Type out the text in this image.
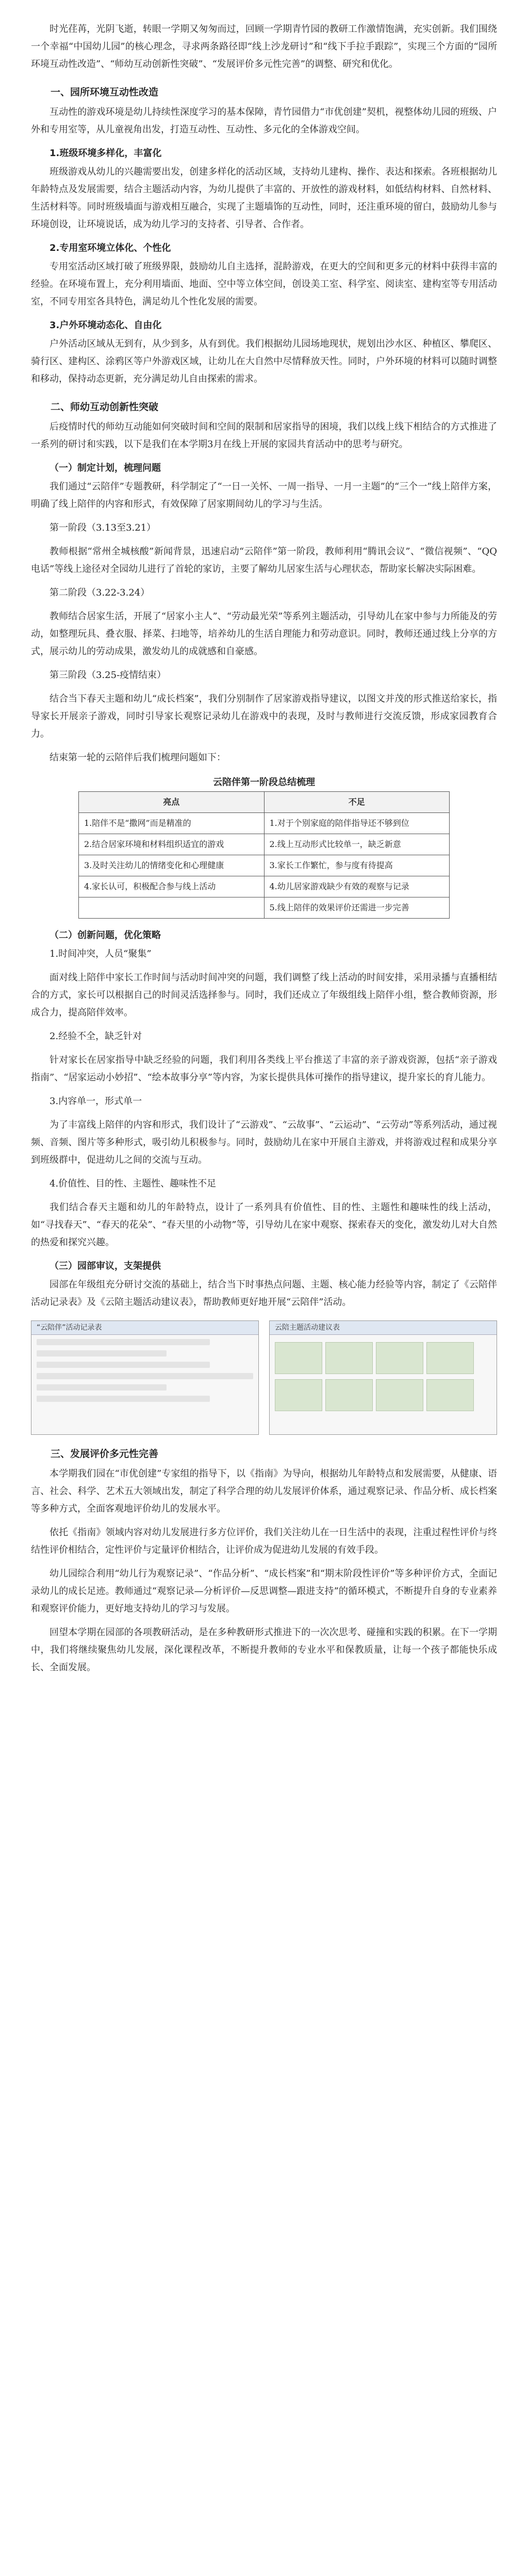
时光荏苒，光阴飞逝，转眼一学期又匆匆而过，回顾一学期青竹园的教研工作激情饱满，充实创新。我们围绕一个幸福“中国幼儿园”的核心理念，寻求两条路径即“线上沙龙研讨”和“线下手拉手跟踪”，实现三个方面的“园所环境互动性改造”、“师幼互动创新性突破”、“发展评价多元性完善”的调整、研究和优化。

一、园所环境互动性改造

互动性的游戏环境是幼儿持续性深度学习的基本保障，青竹园借力“市优创建”契机，视整体幼儿园的班级、户外和专用室等，从儿童视角出发，打造互动性、互动性、多元化的全体游戏空间。

1.班级环境多样化，丰富化

班级游戏从幼儿的兴趣需要出发，创建多样化的活动区域，支持幼儿建构、操作、表达和探索。各班根据幼儿年龄特点及发展需要，结合主题活动内容，为幼儿提供了丰富的、开放性的游戏材料，如低结构材料、自然材料、生活材料等。同时班级墙面与游戏相互融合，实现了主题墙饰的互动性，同时，还注重环境的留白，鼓励幼儿参与环境创设，让环境说话，成为幼儿学习的支持者、引导者、合作者。

2.专用室环境立体化、个性化

专用室活动区域打破了班级界限，鼓励幼儿自主选择，混龄游戏，在更大的空间和更多元的材料中获得丰富的经验。在环境布置上，充分利用墙面、地面、空中等立体空间，创设美工室、科学室、阅读室、建构室等专用活动室，不同专用室各具特色，满足幼儿个性化发展的需要。

3.户外环境动态化、自由化

户外活动区域从无到有，从少到多，从有到优。我们根据幼儿园场地现状，规划出沙水区、种植区、攀爬区、骑行区、建构区、涂鸦区等户外游戏区域，让幼儿在大自然中尽情释放天性。同时，户外环境的材料可以随时调整和移动，保持动态更新，充分满足幼儿自由探索的需求。

二、师幼互动创新性突破

后疫情时代的师幼互动能如何突破时间和空间的限制和居家指导的困境，我们以线上线下相结合的方式推进了一系列的研讨和实践，以下是我们在本学期3月在线上开展的家园共育活动中的思考与研究。

（一）制定计划，梳理问题

我们通过“云陪伴”专题教研，科学制定了“一日一关怀、一周一指导、一月一主题”的“三个一”线上陪伴方案，明确了线上陪伴的内容和形式，有效保障了居家期间幼儿的学习与生活。

第一阶段（3.13至3.21）

教师根据“常州全城核酸”新闻背景，迅速启动“云陪伴”第一阶段，教师利用“腾讯会议”、“微信视频”、“QQ电话”等线上途径对全园幼儿进行了首轮的家访，主要了解幼儿居家生活与心理状态，帮助家长解决实际困难。

第二阶段（3.22-3.24）

教师结合居家生活，开展了“居家小主人”、“劳动最光荣”等系列主题活动，引导幼儿在家中参与力所能及的劳动，如整理玩具、叠衣服、择菜、扫地等，培养幼儿的生活自理能力和劳动意识。同时，教师还通过线上分享的方式，展示幼儿的劳动成果，激发幼儿的成就感和自豪感。

第三阶段（3.25-疫情结束）

结合当下春天主题和幼儿“成长档案”，我们分别制作了居家游戏指导建议，以图文并茂的形式推送给家长，指导家长开展亲子游戏，同时引导家长观察记录幼儿在游戏中的表现，及时与教师进行交流反馈，形成家园教育合力。

结束第一轮的云陪伴后我们梳理问题如下：

云陪伴第一阶段总结梳理
亮点	不足
1.陪伴不是“撒网”而是精准的	1.对于个别家庭的陪伴指导还不够到位
2.结合居家环境和材料组织适宜的游戏	2.线上互动形式比较单一，缺乏新意
3.及时关注幼儿的情绪变化和心理健康	3.家长工作繁忙，参与度有待提高
4.家长认可，积极配合参与线上活动	4.幼儿居家游戏缺少有效的观察与记录
	5.线上陪伴的效果评价还需进一步完善
（二）创新问题，优化策略

1.时间冲突，人员“聚集”

面对线上陪伴中家长工作时间与活动时间冲突的问题，我们调整了线上活动的时间安排，采用录播与直播相结合的方式，家长可以根据自己的时间灵活选择参与。同时，我们还成立了年级组线上陪伴小组，整合教师资源，形成合力，提高陪伴效率。

2.经验不全，缺乏针对

针对家长在居家指导中缺乏经验的问题，我们利用各类线上平台推送了丰富的亲子游戏资源，包括“亲子游戏指南”、“居家运动小妙招”、“绘本故事分享”等内容，为家长提供具体可操作的指导建议，提升家长的育儿能力。

3.内容单一，形式单一

为了丰富线上陪伴的内容和形式，我们设计了“云游戏”、“云故事”、“云运动”、“云劳动”等系列活动，通过视频、音频、图片等多种形式，吸引幼儿积极参与。同时，鼓励幼儿在家中开展自主游戏，并将游戏过程和成果分享到班级群中，促进幼儿之间的交流与互动。

4.价值性、目的性、主题性、趣味性不足

我们结合春天主题和幼儿的年龄特点，设计了一系列具有价值性、目的性、主题性和趣味性的线上活动，如“寻找春天”、“春天的花朵”、“春天里的小动物”等，引导幼儿在家中观察、探索春天的变化，激发幼儿对大自然的热爱和探究兴趣。

（三）园部审议，支架提供

园部在年级组充分研讨交流的基础上，结合当下时事热点问题、主题、核心能力经验等内容，制定了《云陪伴活动记录表》及《云陪主题活动建议表》，帮助教师更好地开展“云陪伴”活动。

“云陪伴”活动记录表	云陪主题活动建议表

三、发展评价多元性完善

本学期我们园在“市优创建”专家组的指导下，以《指南》为导向，根据幼儿年龄特点和发展需要，从健康、语言、社会、科学、艺术五大领域出发，制定了科学合理的幼儿发展评价体系，通过观察记录、作品分析、成长档案等多种方式，全面客观地评价幼儿的发展水平。

依托《指南》领域内容对幼儿发展进行多方位评价，我们关注幼儿在一日生活中的表现，注重过程性评价与终结性评价相结合，定性评价与定量评价相结合，让评价成为促进幼儿发展的有效手段。

幼儿园综合利用“幼儿行为观察记录”、“作品分析”、“成长档案”和“期末阶段性评价”等多种评价方式，全面记录幼儿的成长足迹。教师通过“观察记录—分析评价—反思调整—跟进支持”的循环模式，不断提升自身的专业素养和观察评价能力，更好地支持幼儿的学习与发展。

回望本学期在园部的各项教研活动，是在多种教研形式推进下的一次次思考、碰撞和实践的积累。在下一学期中，我们将继续聚焦幼儿发展，深化课程改革，不断提升教师的专业水平和保教质量，让每一个孩子都能快乐成长、全面发展。
